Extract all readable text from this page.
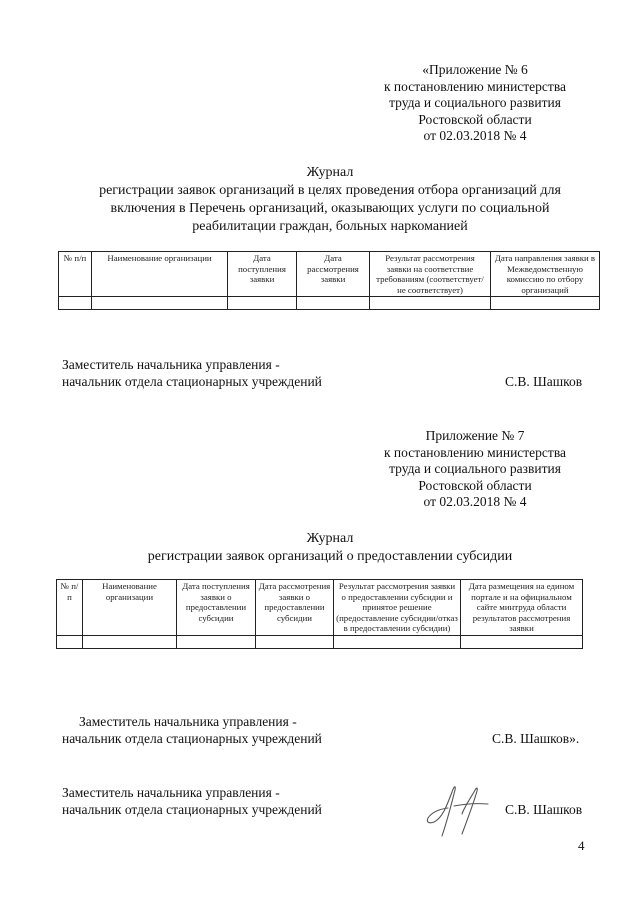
«Приложение № 6
к постановлению министерства
труда и социального развития
Ростовской области
от 02.03.2018 № 4
Журнал
регистрации заявок организаций в целях проведения отбора организаций для
включения в Перечень организаций, оказывающих услуги по социальной
реабилитации граждан, больных наркоманией
№ п/п	Наименование организации	Дата поступления заявки	Дата рассмотрения заявки	Результат рассмотрения заявки на соответствие требованиям (соответствует/не соответствует)	Дата направления заявки в Межведомственную комиссию по отбору организаций

Заместитель начальника управления -
начальник отдела стационарных учреждений	С.В. Шашков
Приложение № 7
к постановлению министерства
труда и социального развития
Ростовской области
от 02.03.2018 № 4
Журнал
регистрации заявок организаций о предоставлении субсидии
№ п/п	Наименование организации	Дата поступления заявки о предоставлении субсидии	Дата рассмотрения заявки о предоставлении субсидии	Результат рассмотрения заявки о предоставлении субсидии и принятое решение (предоставление субсидии/отказ в предоставлении субсидии)	Дата размещения на едином портале и на официальном сайте минтруда области результатов рассмотрения заявки

Заместитель начальника управления -
начальник отдела стационарных учреждений	С.В. Шашков».
Заместитель начальника управления -
начальник отдела стационарных учреждений	С.В. Шашков
4
